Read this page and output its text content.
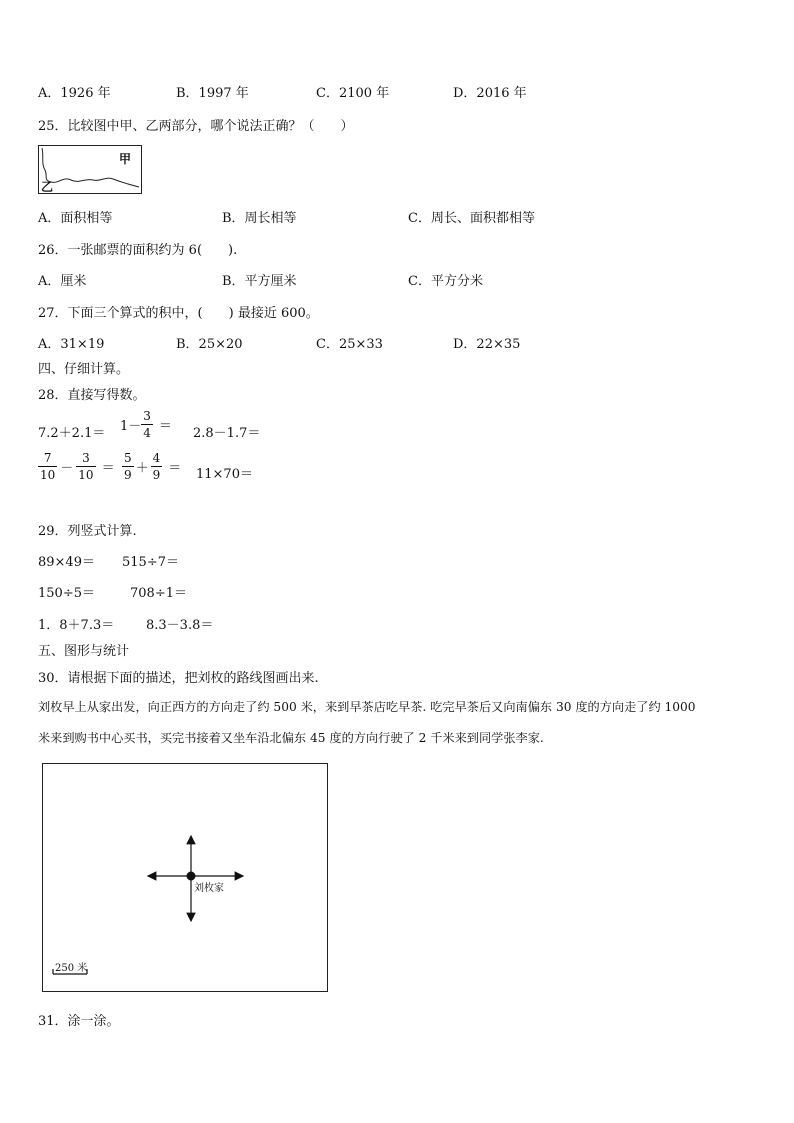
A．1926 年	B．1997 年	C．2100 年	D．2016 年
25．比较图中甲、乙两部分，哪个说法正确？（　　）
甲
乙
A．面积相等	B．周长相等	C．周长、面积都相等
26．一张邮票的面积约为 6(　　).
A．厘米	B．平方厘米	C．平方分米
27．下面三个算式的积中，(　　) 最接近 600。
A．31×19	B．25×20	C．25×33	D．22×35
四、仔细计算。
28．直接写得数。
$7.2+2.1= 1- \frac{3}{4} = 2.8-1.7=$
$\frac{7}{10} - \frac{3}{10} = \frac{5}{9} + \frac{4}{9} = 11\times 70=$
29．列竖式计算.
89×49＝ 515÷7＝
150÷5＝	708÷1＝
1．8＋7.3＝ 8.3－3.8＝
五、图形与统计
30．请根据下面的描述，把刘枚的路线图画出来.
刘枚早上从家出发，向正西方的方向走了约 500 米，来到早茶店吃早茶. 吃完早茶后又向南偏东 30 度的方向走了约 1000
米来到购书中心买书，买完书接着又坐车沿北偏东 45 度的方向行驶了 2 千米来到同学张李家.
刘枚家
250 米
31．涂一涂。
